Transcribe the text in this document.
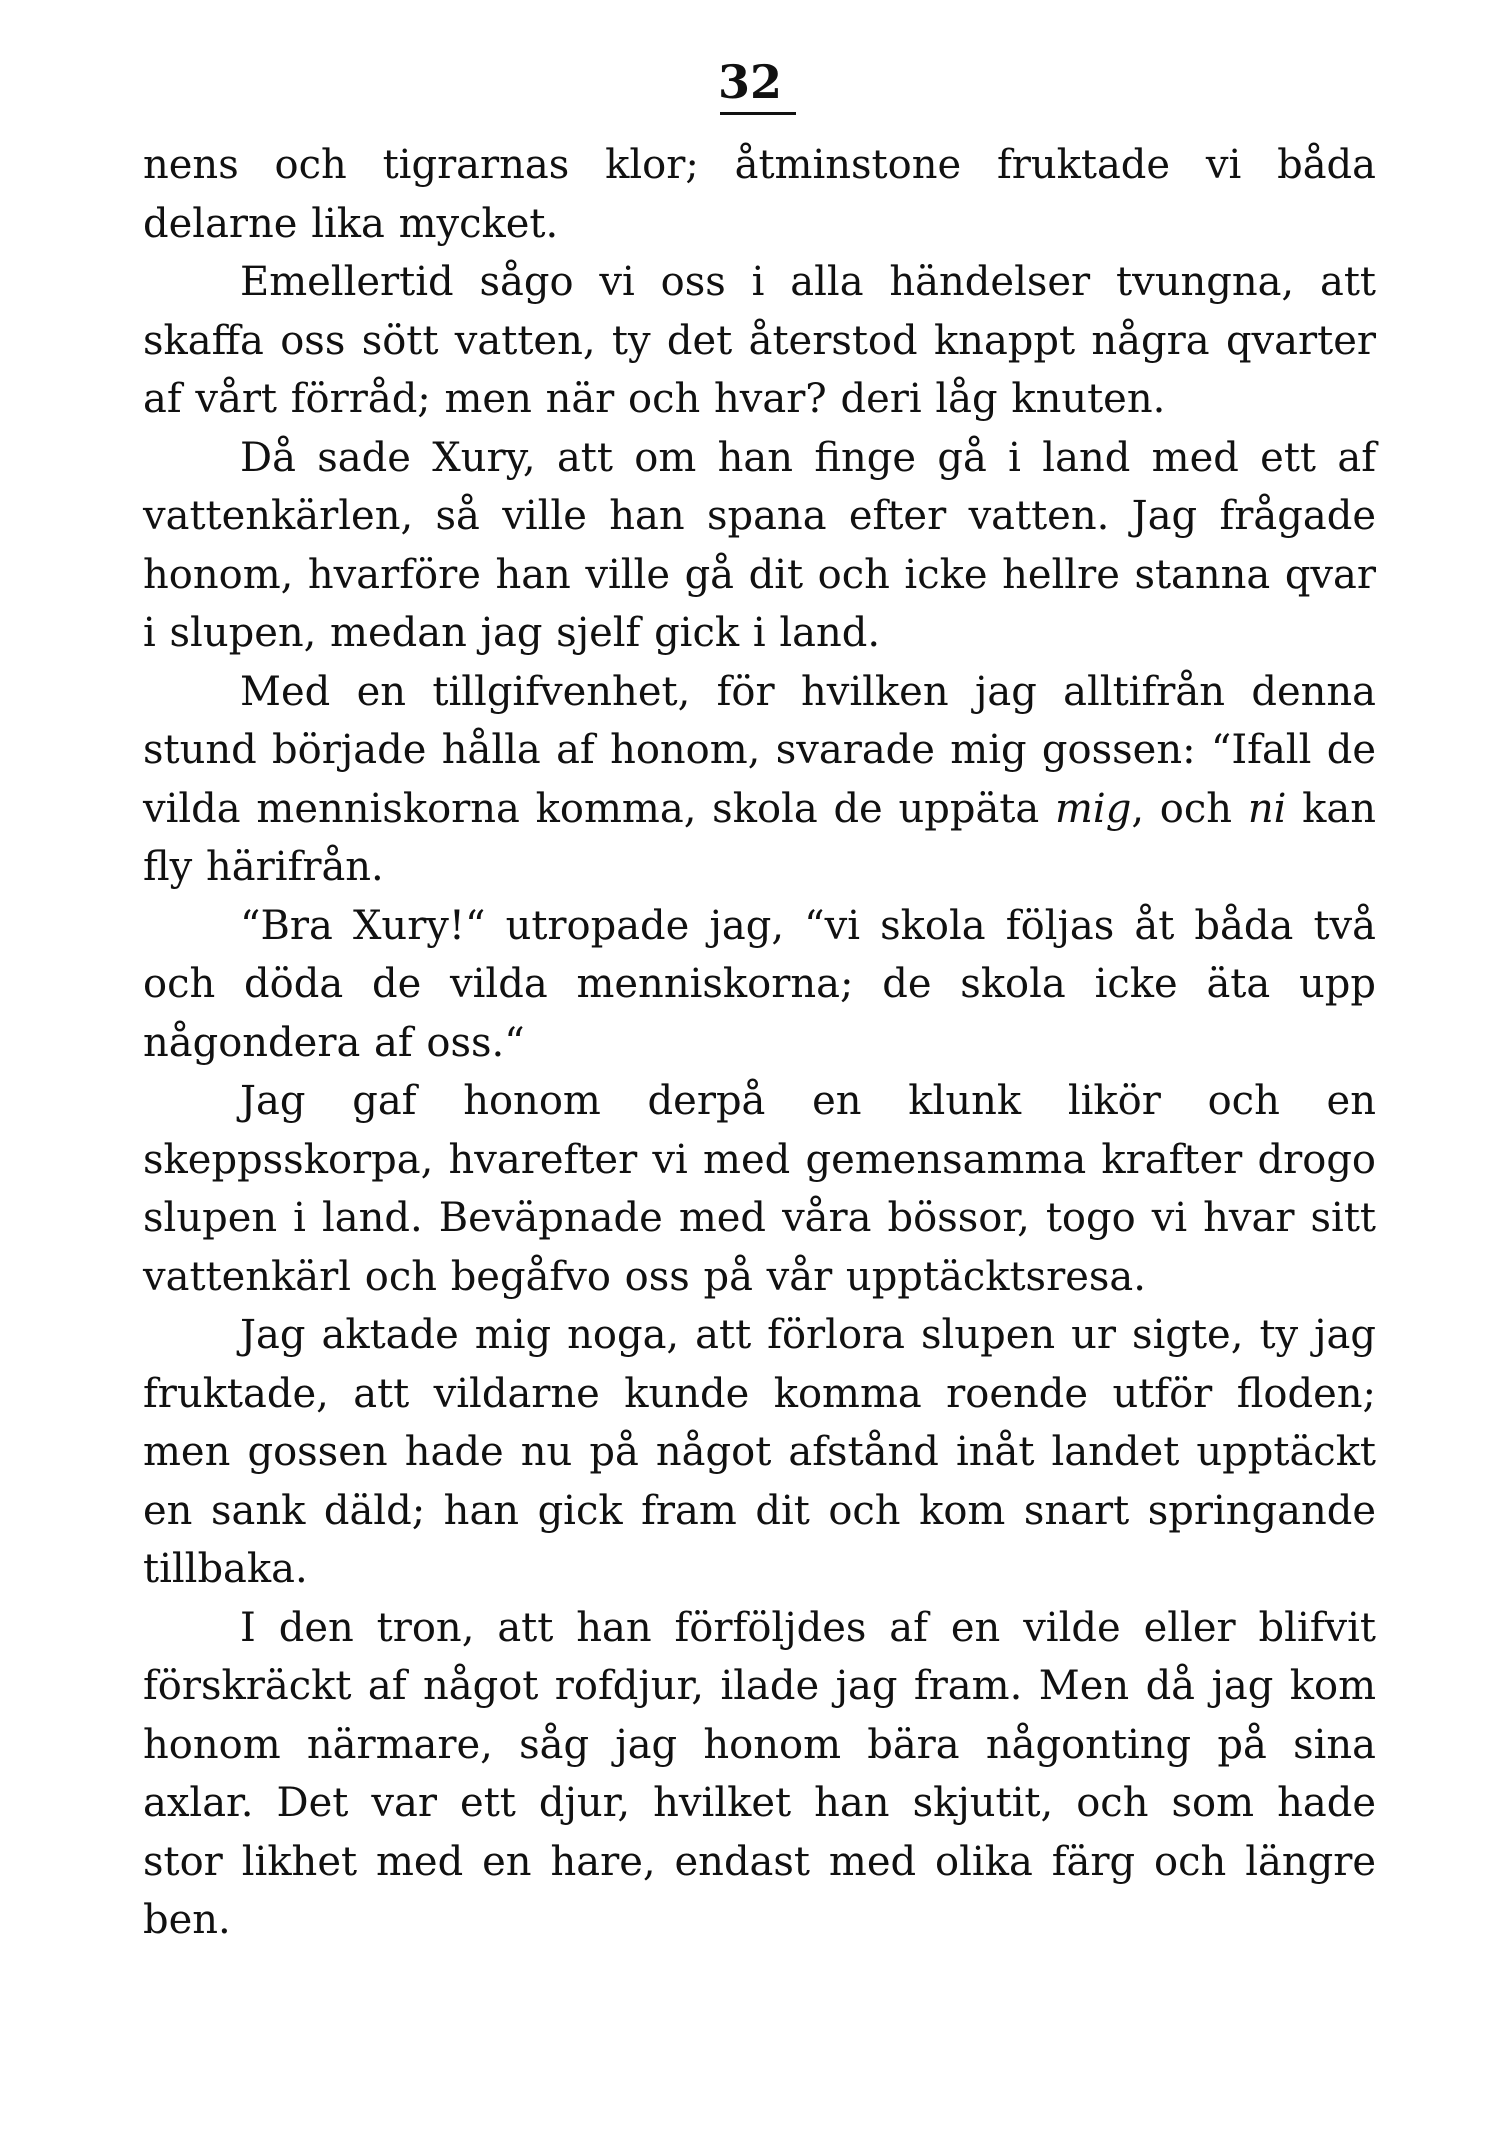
32

nens och tigrarnas klor; åtminstone fruktade vi båda delarne lika mycket.

Emellertid sågo vi oss i alla händelser tvungna, att skaffa oss sött vatten, ty det återstod knappt några qvarter af vårt förråd; men när och hvar? deri låg knuten.

Då sade Xury, att om han finge gå i land med ett af vattenkärlen, så ville han spana efter vatten. Jag frågade honom, hvarföre han ville gå dit och icke hellre stanna qvar i slupen, medan jag sjelf gick i land.

Med en tillgifvenhet, för hvilken jag alltifrån denna stund började hålla af honom, svarade mig gossen: “Ifall de vilda menniskorna komma, skola de uppäta mig, och ni kan fly härifrån.

“Bra Xury!“ utropade jag, “vi skola följas åt båda två och döda de vilda menniskorna; de skola icke äta upp någondera af oss.“

Jag gaf honom derpå en klunk likör och en skeppsskorpa, hvarefter vi med gemensamma krafter drogo slupen i land. Beväpnade med våra bössor, togo vi hvar sitt vattenkärl och begåfvo oss på vår upptäcktsresa.

Jag aktade mig noga, att förlora slupen ur sigte, ty jag fruktade, att vildarne kunde komma roende utför floden; men gossen hade nu på något afstånd inåt landet upptäckt en sank däld; han gick fram dit och kom snart springande tillbaka.

I den tron, att han förföljdes af en vilde eller blifvit förskräckt af något rofdjur, ilade jag fram. Men då jag kom honom närmare, såg jag honom bära någonting på sina axlar. Det var ett djur, hvilket han skjutit, och som hade stor likhet med en hare, endast med olika färg och längre ben.
